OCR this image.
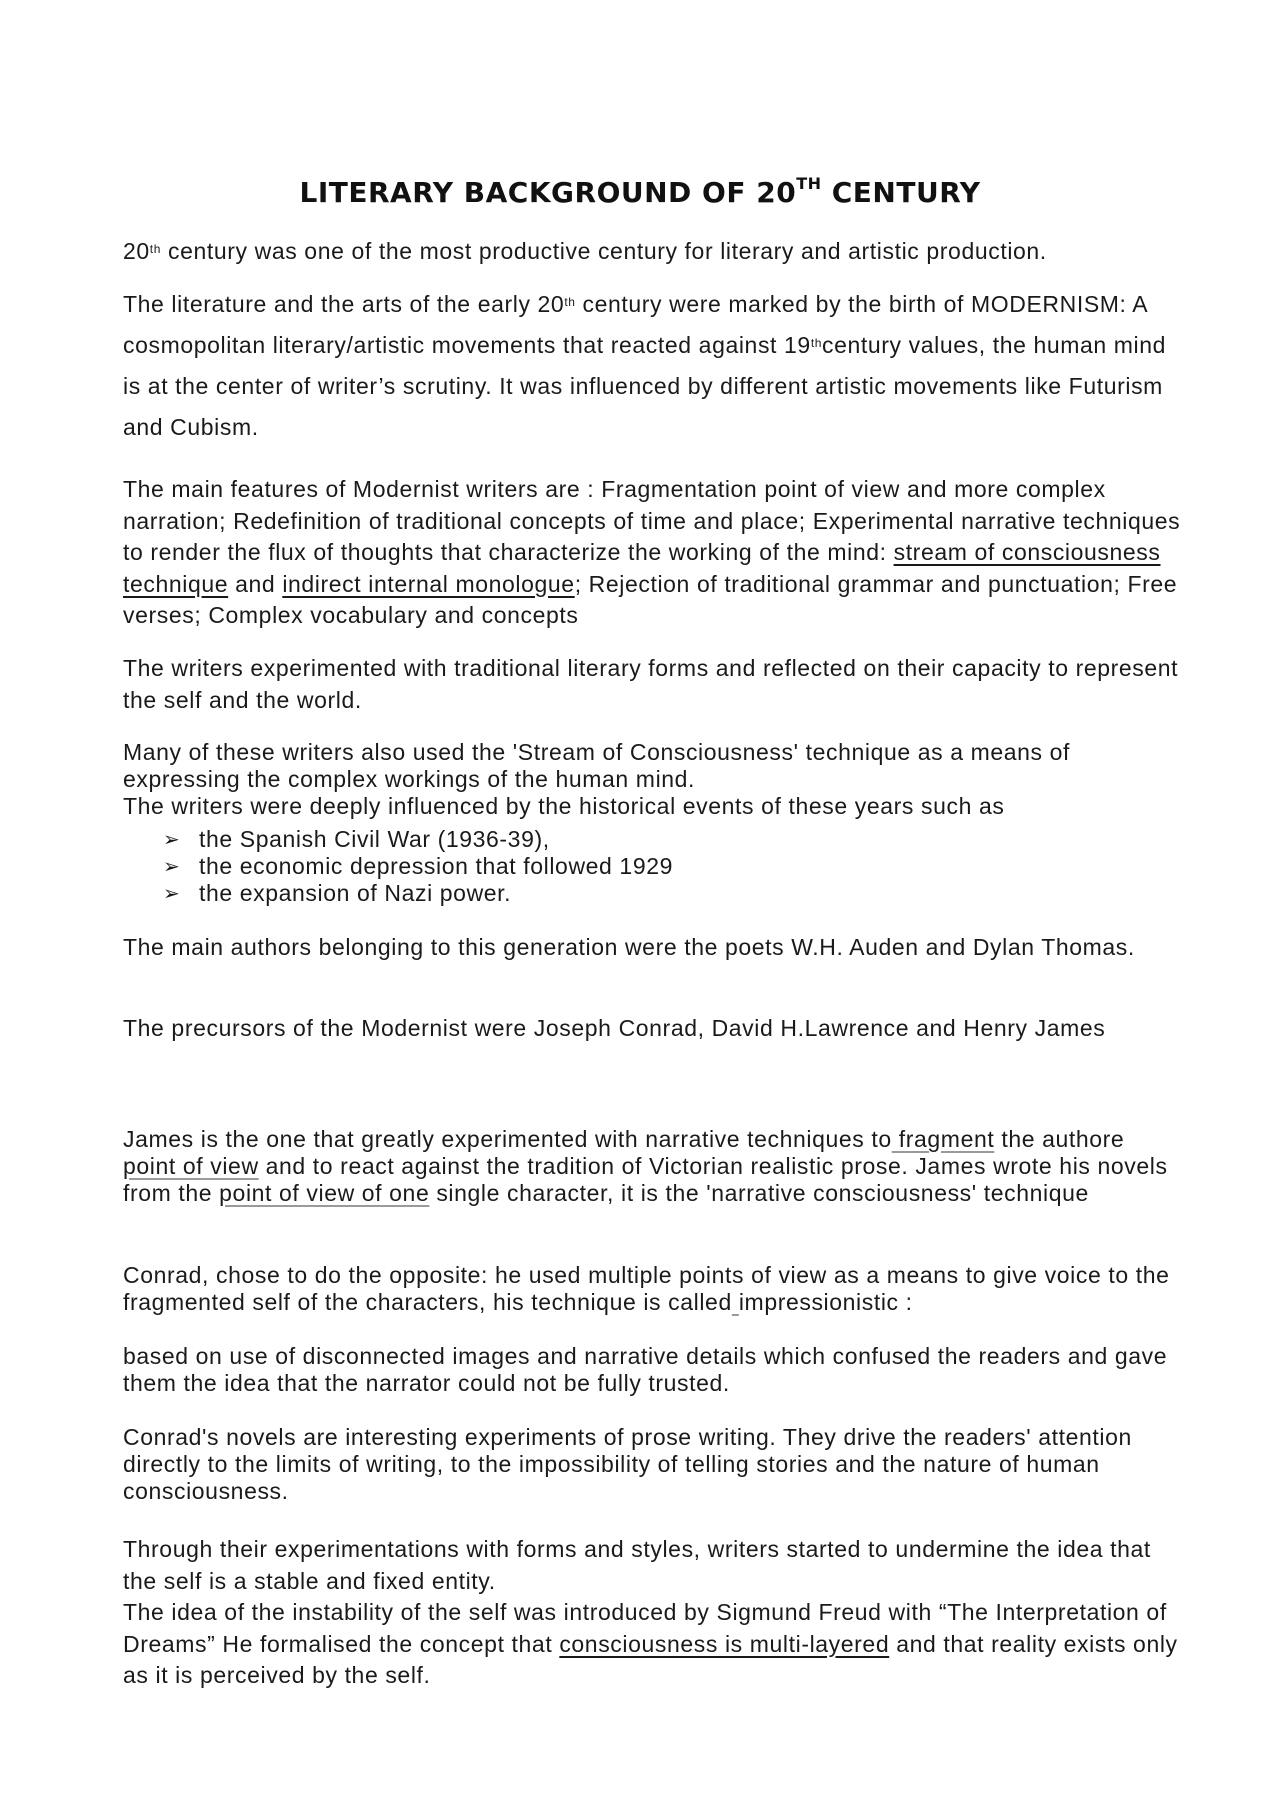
LITERARY BACKGROUND OF 20TH CENTURY

20th century was one of the most productive century for literary and artistic production.

The literature and the arts of the early 20th century were marked by the birth of MODERNISM: A cosmopolitan literary/artistic movements that reacted against 19thcentury values, the human mind is at the center of writer’s scrutiny. It was influenced by different artistic movements like Futurism and Cubism.

The main features of Modernist writers are : Fragmentation point of view and more complex narration; Redefinition of traditional concepts of time and place; Experimental narrative techniques to render the flux of thoughts that characterize the working of the mind: stream of consciousness technique and indirect internal monologue; Rejection of traditional grammar and punctuation; Free verses; Complex vocabulary and concepts

The writers experimented with traditional literary forms and reflected on their capacity to represent the self and the world.

Many of these writers also used the 'Stream of Consciousness' technique as a means of expressing the complex workings of the human mind.
The writers were deeply influenced by the historical events of these years such as

➢ the Spanish Civil War (1936-39),
➢ the economic depression that followed 1929
➢ the expansion of Nazi power.

The main authors belonging to this generation were the poets W.H. Auden and Dylan Thomas.

The precursors of the Modernist were Joseph Conrad, David H.Lawrence and Henry James

James is the one that greatly experimented with narrative techniques to fragment the authore point of view and to react against the tradition of Victorian realistic prose. James wrote his novels from the point of view of one single character, it is the 'narrative consciousness' technique

Conrad, chose to do the opposite: he used multiple points of view as a means to give voice to the fragmented self of the characters, his technique is called impressionistic :

based on use of disconnected images and narrative details which confused the readers and gave them the idea that the narrator could not be fully trusted.

Conrad's novels are interesting experiments of prose writing. They drive the readers' attention directly to the limits of writing, to the impossibility of telling stories and the nature of human consciousness.

Through their experimentations with forms and styles, writers started to undermine the idea that the self is a stable and fixed entity.
The idea of the instability of the self was introduced by Sigmund Freud with “The Interpretation of Dreams” He formalised the concept that consciousness is multi-layered and that reality exists only as it is perceived by the self.
